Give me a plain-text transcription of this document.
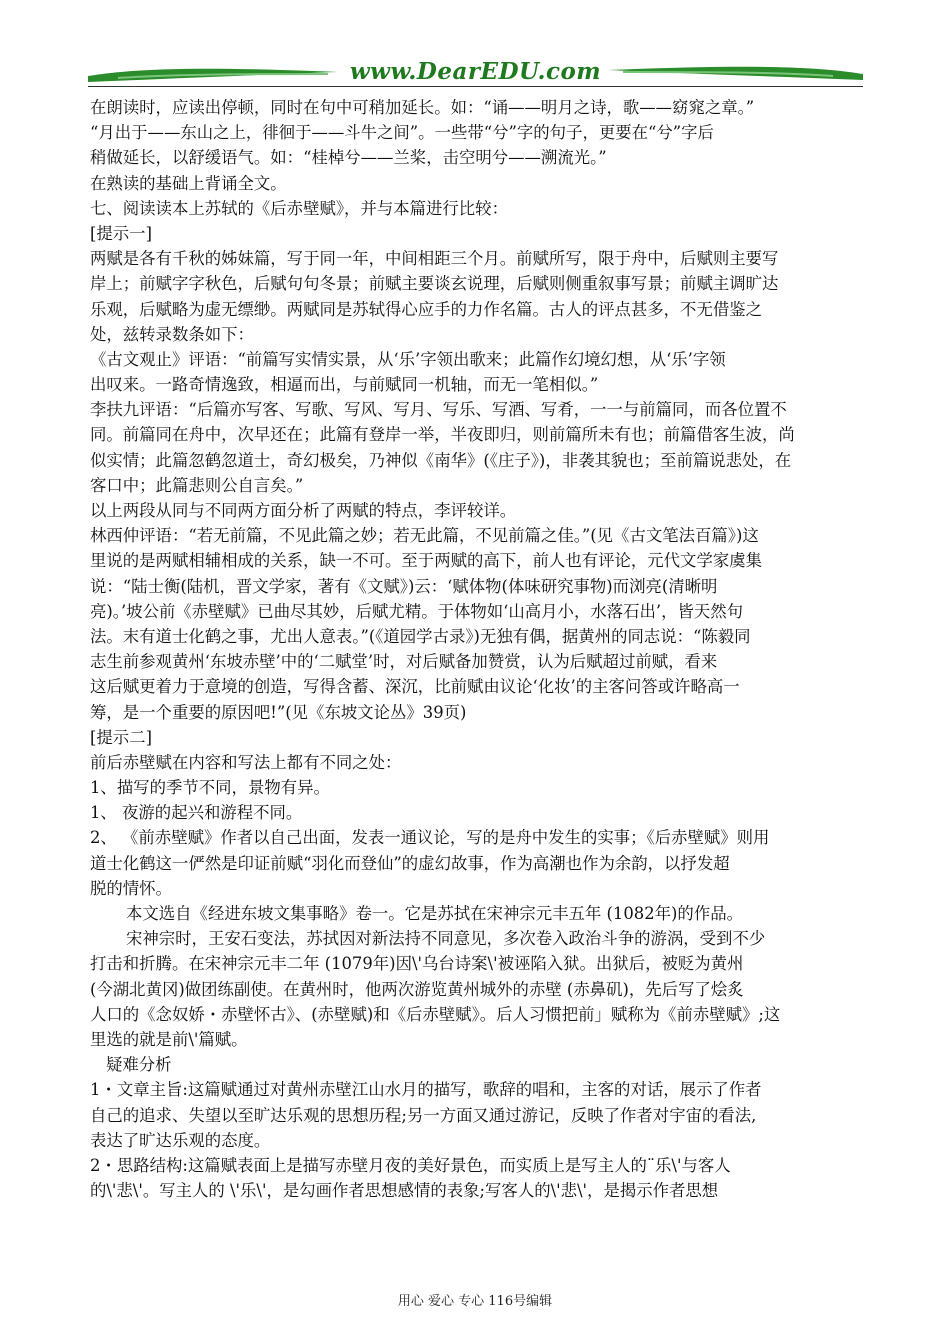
www.DearEDU.com
在朗读时，应读出停顿，同时在句中可稍加延长。如：“诵——明月之诗，歌——窈窕之章。”
“月出于——东山之上，徘徊于——斗牛之间”。一些带“兮”字的句子，更要在“兮”字后
稍做延长，以舒缓语气。如：“桂棹兮——兰桨，击空明兮——溯流光。”
在熟读的基础上背诵全文。
七、阅读读本上苏轼的《后赤壁赋》，并与本篇进行比较：
[提示一]
两赋是各有千秋的姊妹篇，写于同一年，中间相距三个月。前赋所写，限于舟中，后赋则主要写
岸上；前赋字字秋色，后赋句句冬景；前赋主要谈玄说理，后赋则侧重叙事写景；前赋主调旷达
乐观，后赋略为虚无缥缈。两赋同是苏轼得心应手的力作名篇。古人的评点甚多，不无借鉴之
处，兹转录数条如下：
《古文观止》评语：“前篇写实情实景，从‘乐’字领出歌来；此篇作幻境幻想，从‘乐’字领
出叹来。一路奇情逸致，相逼而出，与前赋同一机轴，而无一笔相似。”
李扶九评语：“后篇亦写客、写歌、写风、写月、写乐、写酒、写肴，一一与前篇同，而各位置不
同。前篇同在舟中，次早还在；此篇有登岸一举，半夜即归，则前篇所未有也；前篇借客生波，尚
似实情；此篇忽鹤忽道士，奇幻极矣，乃神似《南华》(《庄子》)，非袭其貌也；至前篇说悲处，在
客口中；此篇悲则公自言矣。”
以上两段从同与不同两方面分析了两赋的特点，李评较详。
林西仲评语：“若无前篇，不见此篇之妙；若无此篇，不见前篇之佳。”(见《古文笔法百篇》)这
里说的是两赋相辅相成的关系，缺一不可。至于两赋的高下，前人也有评论，元代文学家虞集
说：“陆士衡(陆机，晋文学家，著有《文赋》)云：‘赋体物(体味研究事物)而浏亮(清晰明
亮)。’坡公前《赤壁赋》已曲尽其妙，后赋尤精。于体物如‘山高月小，水落石出’，皆天然句
法。末有道士化鹤之事，尤出人意表。”(《道园学古录》)无独有偶，据黄州的同志说：“陈毅同
志生前参观黄州‘东坡赤壁’中的‘二赋堂’时，对后赋备加赞赏，认为后赋超过前赋，看来
这后赋更着力于意境的创造，写得含蓄、深沉，比前赋由议论‘化妆’的主客问答或许略高一
筹，是一个重要的原因吧!”(见《东坡文论丛》39页)
[提示二]
前后赤壁赋在内容和写法上都有不同之处：
1、描写的季节不同，景物有异。
1、 夜游的起兴和游程不同。
2、 《前赤壁赋》作者以自己出面，发表一通议论，写的是舟中发生的实事；《后赤壁赋》则用
道士化鹤这一俨然是印证前赋“羽化而登仙”的虚幻故事，作为高潮也作为余韵，以抒发超
脱的情怀。
本文选自《经进东坡文集事略》卷一。它是苏拭在宋神宗元丰五年 (1082年)的作品。
宋神宗时，王安石变法，苏拭因对新法持不同意见，多次卷入政治斗争的游涡，受到不少
打击和折腾。在宋神宗元丰二年 (1079年)因\'乌台诗案\'被诬陷入狱。出狱后，被贬为黄州
(今湖北黄冈)做团练副使。在黄州时，他两次游览黄州城外的赤壁 (赤鼻矶)，先后写了烩炙
人口的《念奴娇・赤壁怀古》、(赤壁赋)和《后赤壁赋》。后人习惯把前」赋称为《前赤壁赋》;这
里选的就是前\'篇赋。
疑难分析
1・文章主旨:这篇赋通过对黄州赤壁江山水月的描写，歌辞的唱和，主客的对话，展示了作者
自己的追求、失望以至旷达乐观的思想历程;另一方面又通过游记，反映了作者对宇宙的看法,
表达了旷达乐观的态度。
2・思路结构:这篇赋表面上是描写赤壁月夜的美好景色，而实质上是写主人的¨乐\'与客人
的\'悲\'。写主人的 \'乐\'，是勾画作者思想感情的表象;写客人的\'悲\'，是揭示作者思想
用心 爱心 专心 116号编辑
